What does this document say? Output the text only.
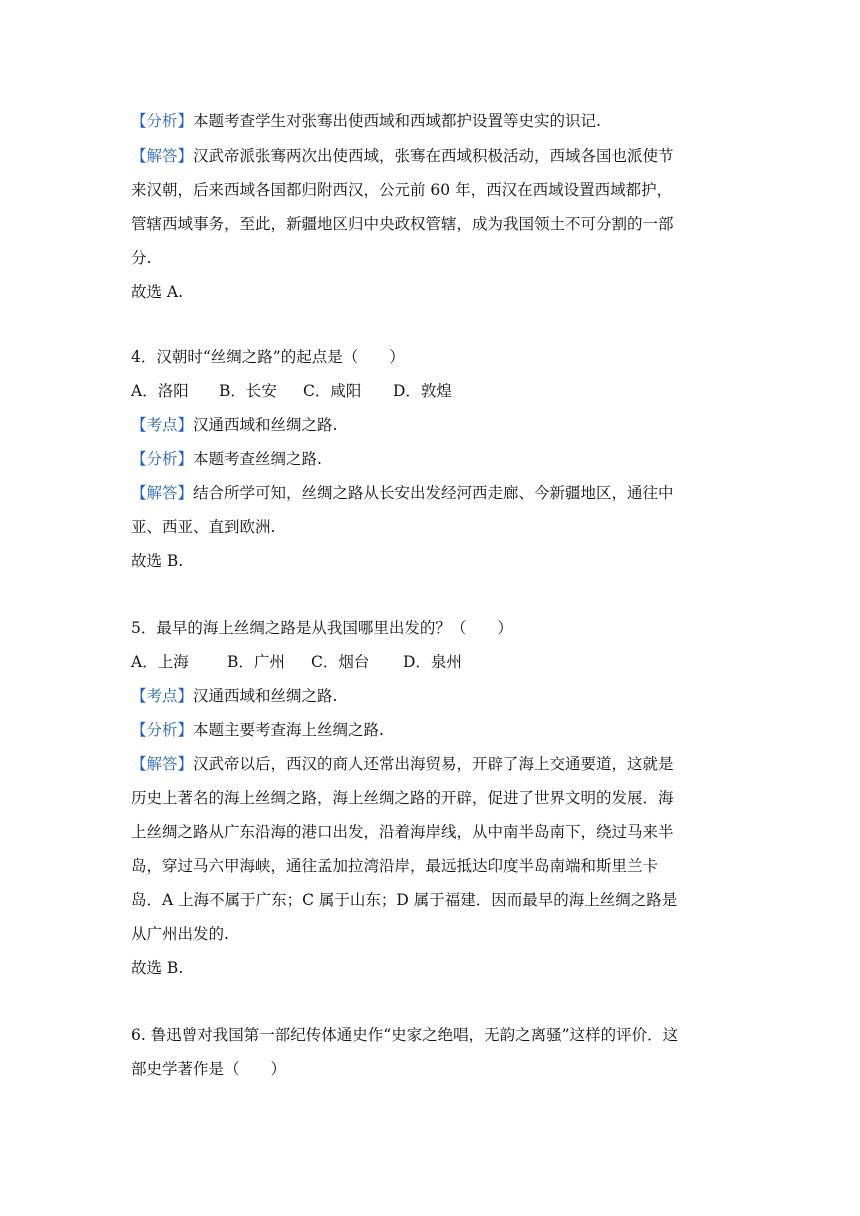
【分析】本题考查学生对张骞出使西域和西域都护设置等史实的识记.
【解答】汉武帝派张骞两次出使西域，张骞在西域积极活动，西域各国也派使节
来汉朝，后来西域各国都归附西汉，公元前 60 年，西汉在西域设置西域都护，
管辖西域事务，至此，新疆地区归中央政权管辖，成为我国领土不可分割的一部
分.
故选 A.
4．汉朝时“丝绸之路”的起点是（　　）
A．洛阳 B．长安 C．咸阳 D．敦煌
【考点】汉通西域和丝绸之路.
【分析】本题考查丝绸之路.
【解答】结合所学可知，丝绸之路从长安出发经河西走廊、今新疆地区，通往中
亚、西亚、直到欧洲.
故选 B.
5．最早的海上丝绸之路是从我国哪里出发的？（　　）
A．上海 B．广州 C．烟台 D．泉州
【考点】汉通西域和丝绸之路.
【分析】本题主要考查海上丝绸之路.
【解答】汉武帝以后，西汉的商人还常出海贸易，开辟了海上交通要道，这就是
历史上著名的海上丝绸之路，海上丝绸之路的开辟，促进了世界文明的发展．海
上丝绸之路从广东沿海的港口出发，沿着海岸线，从中南半岛南下，绕过马来半
岛，穿过马六甲海峡，通往孟加拉湾沿岸，最远抵达印度半岛南端和斯里兰卡
岛．A 上海不属于广东；C 属于山东；D 属于福建．因而最早的海上丝绸之路是
从广州出发的.
故选 B.
6. 鲁迅曾对我国第一部纪传体通史作“史家之绝唱，无韵之离骚”这样的评价．这
部史学著作是（　　）
